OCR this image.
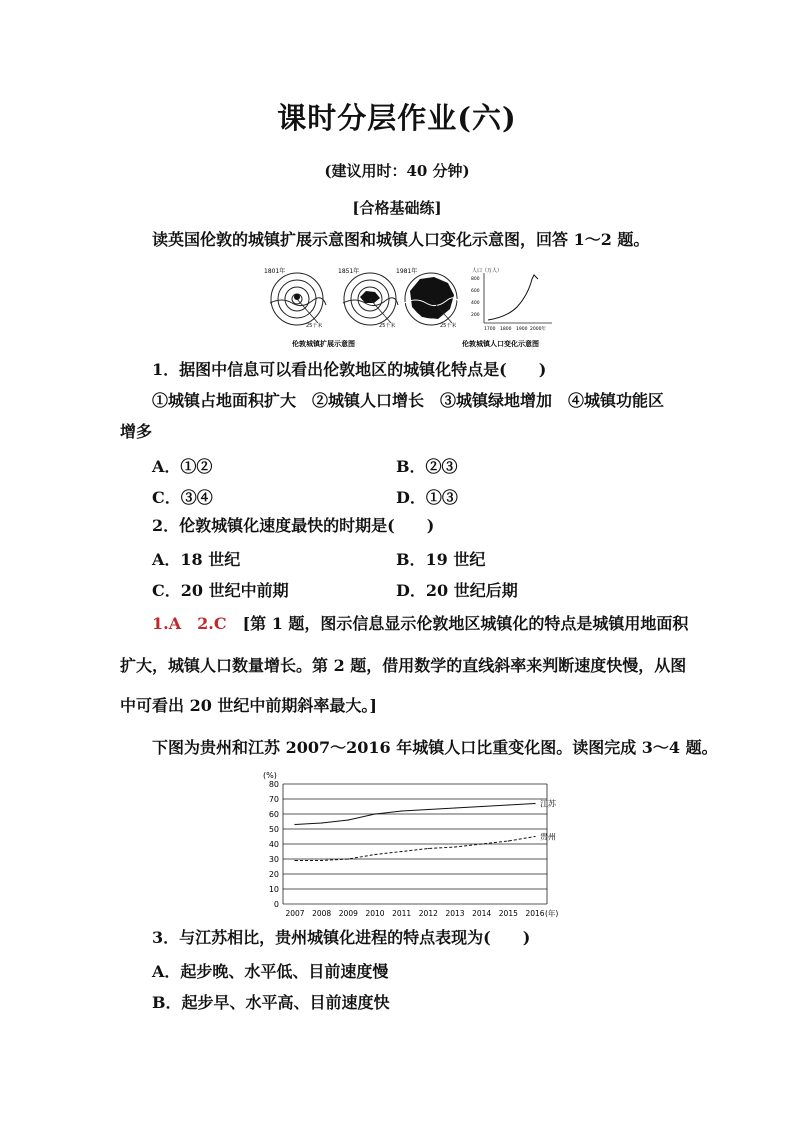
课时分层作业(六)
(建议用时：40 分钟)
[合格基础练]
读英国伦敦的城镇扩展示意图和城镇人口变化示意图，回答 1～2 题。
1801年
25千米
1851年
25千米
1981年
25千米
人口（万人）
800
600
400
200
1700 1800 1900 2000年
伦敦城镇扩展示意图	伦敦城镇人口变化示意图
1．据图中信息可以看出伦敦地区的城镇化特点是(　　)
①城镇占地面积扩大　②城镇人口增长　③城镇绿地增加　④城镇功能区
增多
A．①②	B．②③
C．③④	D．①③
2．伦敦城镇化速度最快的时期是(　　)
A．18 世纪	B．19 世纪
C．20 世纪中前期	D．20 世纪后期
1.A　2.C　 [第 1 题，图示信息显示伦敦地区城镇化的特点是城镇用地面积
扩大，城镇人口数量增长。第 2 题，借用数学的直线斜率来判断速度快慢，从图
中可看出 20 世纪中前期斜率最大。]
下图为贵州和江苏 2007～2016 年城镇人口比重变化图。读图完成 3～4 题。
(%)
0
10
20
30
40
50
60
70
80
2007 2008 2009 2010 2011 2012 2013 2014 2015 2016 (年)
江苏
贵州
3．与江苏相比，贵州城镇化进程的特点表现为(　　)
A．起步晚、水平低、目前速度慢
B．起步早、水平高、目前速度快
